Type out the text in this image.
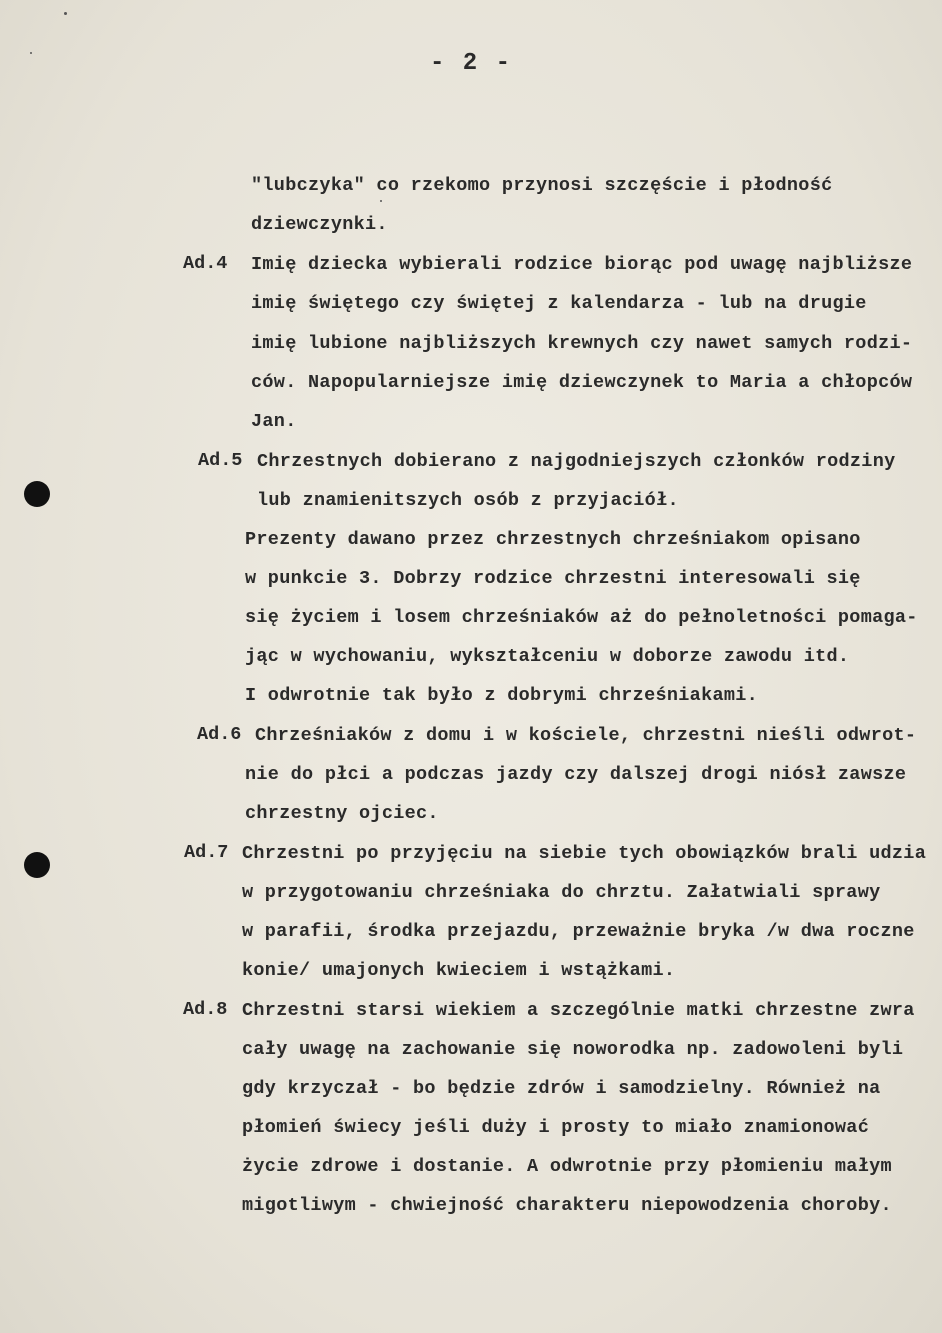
- 2 -
"lubczyka" co rzekomo przynosi szczęście i płodność
dziewczynki.
Ad.4 Imię dziecka wybierali rodzice biorąc pod uwagę najbliższe
imię świętego czy świętej z kalendarza - lub na drugie
imię lubione najbliższych krewnych czy nawet samych rodzi-
ców. Napopularniejsze imię dziewczynek to Maria a chłopców
Jan.
Ad.5 Chrzestnych dobierano z najgodniejszych członków rodziny
lub znamienitszych osób z przyjaciół.
Prezenty dawano przez chrzestnych chrześniakom opisano
w punkcie 3. Dobrzy rodzice chrzestni interesowali się
się życiem i losem chrześniaków aż do pełnoletności pomaga-
jąc w wychowaniu, wykształceniu w doborze zawodu itd.
I odwrotnie tak było z dobrymi chrześniakami.
Ad.6 Chrześniaków z domu i w kościele, chrzestni nieśli odwrot-
nie do płci a podczas jazdy czy dalszej drogi niósł zawsze
chrzestny ojciec.
Ad.7 Chrzestni po przyjęciu na siebie tych obowiązków brali udzia
w przygotowaniu chrześniaka do chrztu. Załatwiali sprawy
w parafii, środka przejazdu, przeważnie bryka /w dwa roczne
konie/ umajonych kwieciem i wstążkami.
Ad.8 Chrzestni starsi wiekiem a szczególnie matki chrzestne zwra
cały uwagę na zachowanie się noworodka np. zadowoleni byli
gdy krzyczał - bo będzie zdrów i samodzielny. Również na
płomień świecy jeśli duży i prosty to miało znamionować
życie zdrowe i dostanie. A odwrotnie przy płomieniu małym
migotliwym - chwiejność charakteru niepowodzenia choroby.
